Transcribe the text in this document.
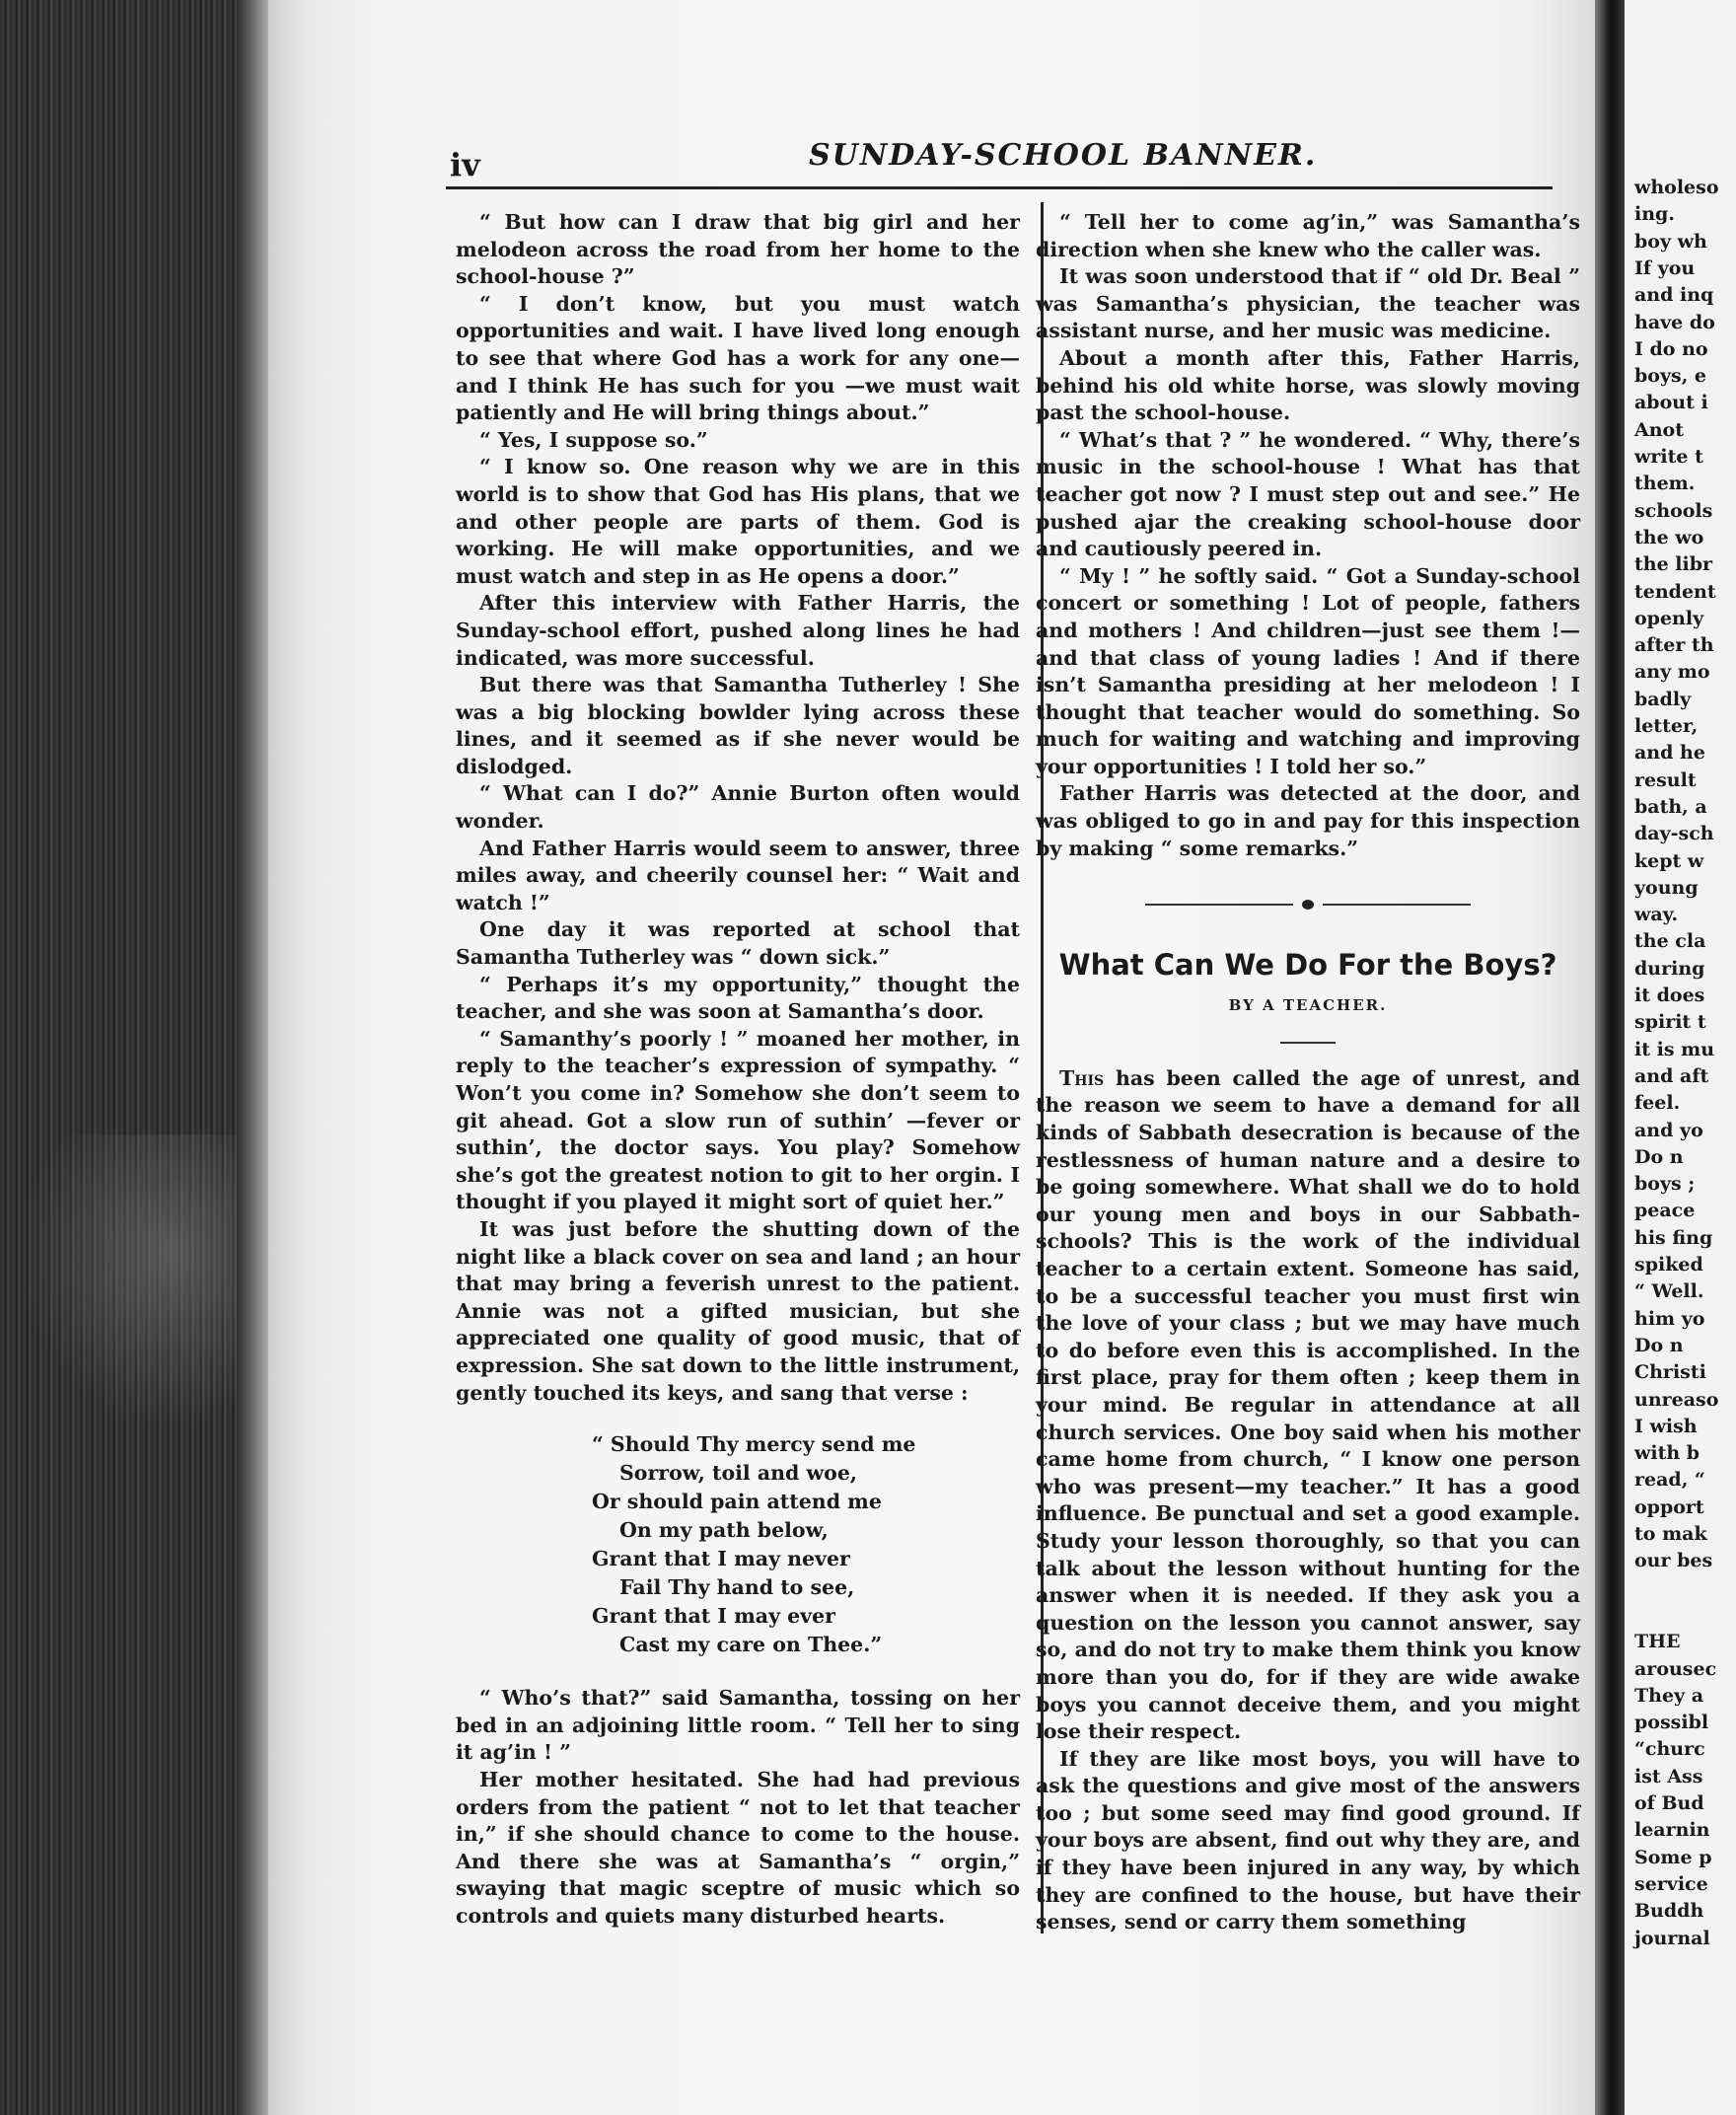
wholeso
ing.
boy wh
If you
and inq
have do
I do no
boys, e
about i
Anot
write t
them.
schools
the wo
the libr
tendent
openly
after th
any mo
badly
letter,
and he
result
bath, a
day-sch
kept w
young
way.
the cla
during
it does
spirit t
it is mu
and aft
feel.
and yo
Do n
boys ;
peace
his fing
spiked
“ Well.
him yo
Do n
Christi
unreaso
I wish
with b
read, “
opport
to mak
our bes
THE
arousec
They a
possibl
“churc
ist Ass
of Bud
learnin
Some p
service
Buddh
journal
iv	SUNDAY-SCHOOL BANNER.

“ But how can I draw that big girl and her melodeon across the road from her home to the school-house ?”

“ I don’t know, but you must watch opportunities and wait. I have lived long enough to see that where God has a work for any one—and I think He has such for you —we must wait patiently and He will bring things about.”

“ Yes, I suppose so.”

“ I know so. One reason why we are in this world is to show that God has His plans, that we and other people are parts of them. God is working. He will make opportunities, and we must watch and step in as He opens a door.”

After this interview with Father Harris, the Sunday-school effort, pushed along lines he had indicated, was more successful.

But there was that Samantha Tutherley ! She was a big blocking bowlder lying across these lines, and it seemed as if she never would be dislodged.

“ What can I do?” Annie Burton often would wonder.

And Father Harris would seem to answer, three miles away, and cheerily counsel her: “ Wait and watch !”

One day it was reported at school that Samantha Tutherley was “ down sick.”

“ Perhaps it’s my opportunity,” thought the teacher, and she was soon at Samantha’s door.

“ Samanthy’s poorly ! ” moaned her mother, in reply to the teacher’s expression of sympathy. “ Won’t you come in? Somehow she don’t seem to git ahead. Got a slow run of suthin’ —fever or suthin’, the doctor says. You play? Somehow she’s got the greatest notion to git to her orgin. I thought if you played it might sort of quiet her.”

It was just before the shutting down of the night like a black cover on sea and land ; an hour that may bring a feverish unrest to the patient. Annie was not a gifted musician, but she appreciated one quality of good music, that of expression. She sat down to the little instrument, gently touched its keys, and sang that verse :

“ Should Thy mercy send me
Sorrow, toil and woe,
Or should pain attend me
On my path below,
Grant that I may never
Fail Thy hand to see,
Grant that I may ever
Cast my care on Thee.”

“ Who’s that?” said Samantha, tossing on her bed in an adjoining little room. “ Tell her to sing it ag’in ! ”

Her mother hesitated. She had had previous orders from the patient “ not to let that teacher in,” if she should chance to come to the house. And there she was at Samantha’s “ orgin,” swaying that magic sceptre of music which so controls and quiets many disturbed hearts.

“ Tell her to come ag’in,” was Samantha’s direction when she knew who the caller was.

It was soon understood that if “ old Dr. Beal ” was Samantha’s physician, the teacher was assistant nurse, and her music was medicine.

About a month after this, Father Harris, behind his old white horse, was slowly moving past the school-house.

“ What’s that ? ” he wondered. “ Why, there’s music in the school-house ! What has that teacher got now ? I must step out and see.” He pushed ajar the creaking school-house door and cautiously peered in.

“ My ! ” he softly said. “ Got a Sunday-school concert or something ! Lot of people, fathers and mothers ! And children—just see them !—and that class of young ladies ! And if there isn’t Samantha presiding at her melodeon ! I thought that teacher would do something. So much for waiting and watching and improving your opportunities ! I told her so.”

Father Harris was detected at the door, and was obliged to go in and pay for this inspection by making “ some remarks.”

What Can We Do For the Boys?
BY A TEACHER.

This has been called the age of unrest, and the reason we seem to have a demand for all kinds of Sabbath desecration is because of the restlessness of human nature and a desire to be going somewhere. What shall we do to hold our young men and boys in our Sabbath-schools? This is the work of the individual teacher to a certain extent. Someone has said, to be a successful teacher you must first win the love of your class ; but we may have much to do before even this is accomplished. In the first place, pray for them often ; keep them in your mind. Be regular in attendance at all church services. One boy said when his mother came home from church, “ I know one person who was present—my teacher.” It has a good influence. Be punctual and set a good example. Study your lesson thoroughly, so that you can talk about the lesson without hunting for the answer when it is needed. If they ask you a question on the lesson you cannot answer, say so, and do not try to make them think you know more than you do, for if they are wide awake boys you cannot deceive them, and you might lose their respect.

If they are like most boys, you will have to ask the questions and give most of the answers too ; but some seed may find good ground. If your boys are absent, find out why they are, and if they have been injured in any way, by which they are confined to the house, but have their senses, send or carry them something
